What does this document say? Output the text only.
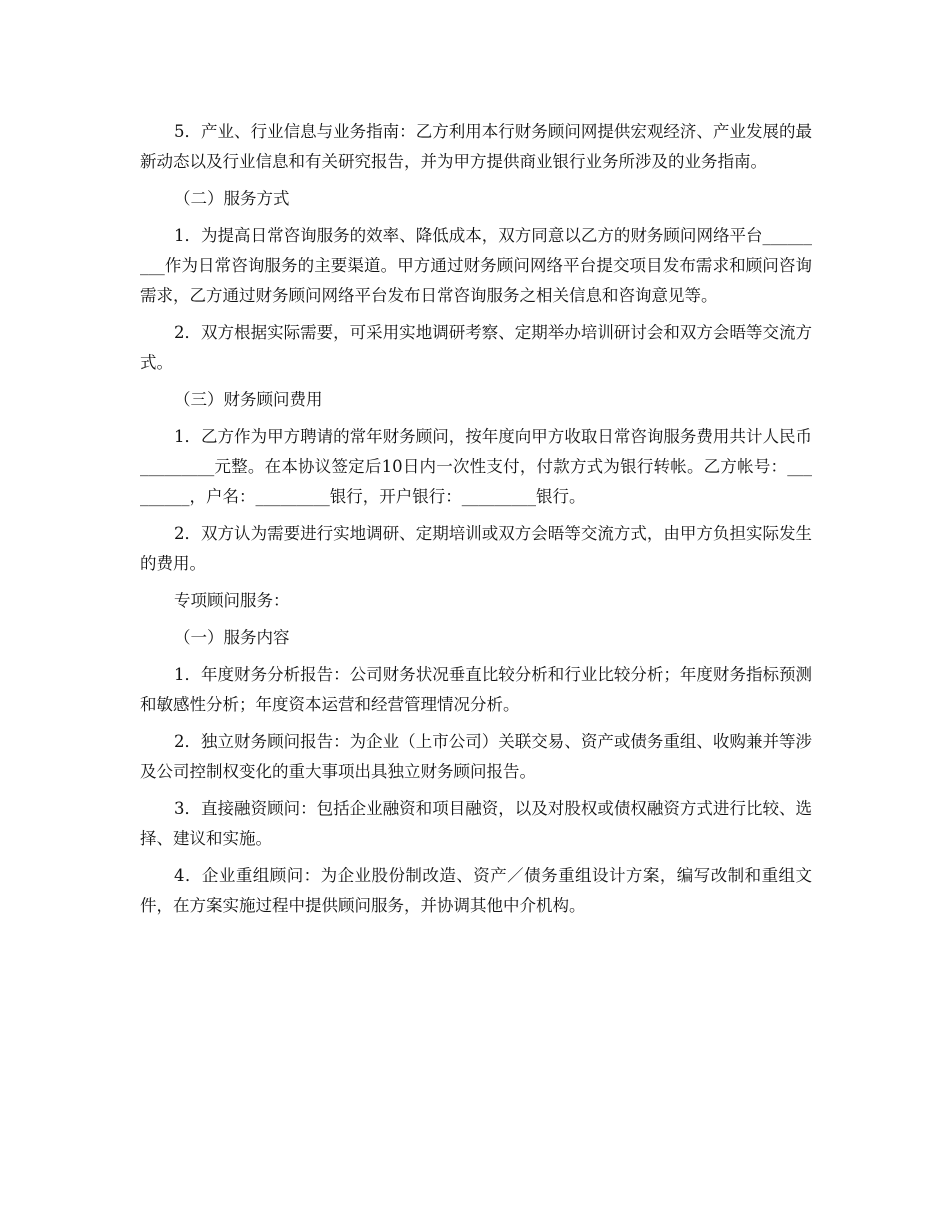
5．产业、行业信息与业务指南：乙方利用本行财务顾问网提供宏观经济、产业发展的最新动态以及行业信息和有关研究报告，并为甲方提供商业银行业务所涉及的业务指南。

（二）服务方式

1．为提高日常咨询服务的效率、降低成本，双方同意以乙方的财务顾问网络平台_________作为日常咨询服务的主要渠道。甲方通过财务顾问网络平台提交项目发布需求和顾问咨询需求，乙方通过财务顾问网络平台发布日常咨询服务之相关信息和咨询意见等。

2．双方根据实际需要，可采用实地调研考察、定期举办培训研讨会和双方会晤等交流方式。

（三）财务顾问费用

1．乙方作为甲方聘请的常年财务顾问，按年度向甲方收取日常咨询服务费用共计人民币_________元整。在本协议签定后10日内一次性支付，付款方式为银行转帐。乙方帐号：_________，户名：_________银行，开户银行：_________银行。

2．双方认为需要进行实地调研、定期培训或双方会晤等交流方式，由甲方负担实际发生的费用。

专项顾问服务：

（一）服务内容

1．年度财务分析报告：公司财务状况垂直比较分析和行业比较分析；年度财务指标预测和敏感性分析；年度资本运营和经营管理情况分析。

2．独立财务顾问报告：为企业（上市公司）关联交易、资产或债务重组、收购兼并等涉及公司控制权变化的重大事项出具独立财务顾问报告。

3．直接融资顾问：包括企业融资和项目融资，以及对股权或债权融资方式进行比较、选择、建议和实施。

4．企业重组顾问：为企业股份制改造、资产／债务重组设计方案，编写改制和重组文件，在方案实施过程中提供顾问服务，并协调其他中介机构。
